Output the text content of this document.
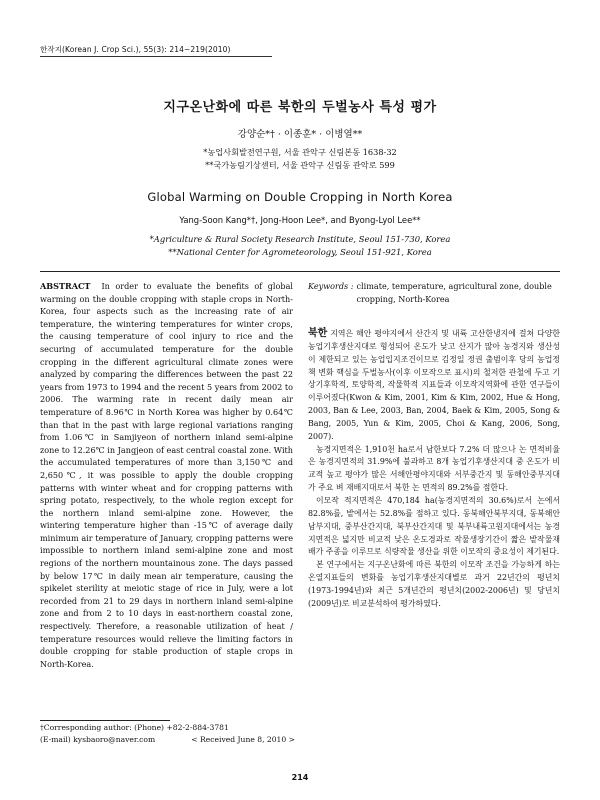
한작지(Korean J. Crop Sci.), 55(3): 214~219(2010)
지구온난화에 따른 북한의 두벌농사 특성 평가
강양순*† · 이종훈* · 이병열**
*농업사회발전연구원, 서울 관악구 신림본동 1638-32
**국가농림기상센터, 서울 관악구 신림동 관악로 599
Global Warming on Double Cropping in North Korea
Yang-Soon Kang*†, Jong-Hoon Lee*, and Byong-Lyol Lee**
*Agriculture & Rural Society Research Institute, Seoul 151-730, Korea
**National Center for Agrometeorology, Seoul 151-921, Korea
ABSTRACT In order to evaluate the benefits of global warming on the double cropping with staple crops in North-Korea, four aspects such as the increasing rate of air temperature, the wintering temperatures for winter crops, the causing temperature of cool injury to rice and the securing of accumulated temperature for the double cropping in the different agricultural climate zones were analyzed by comparing the differences between the past 22 years from 1973 to 1994 and the recent 5 years from 2002 to 2006. The warming rate in recent daily mean air temperature of 8.96℃ in North Korea was higher by 0.64℃ than that in the past with large regional variations ranging from 1.06℃ in Samjiyeon of northern inland semi-alpine zone to 12.26℃ in Jangjeon of east central coastal zone. With the accumulated temperatures of more than 3,150℃ and 2,650℃, it was possible to apply the double cropping patterns with winter wheat and for cropping patterns with spring potato, respectively, to the whole region except for the northern inland semi-alpine zone. However, the wintering temperature higher than -15℃ of average daily minimum air temperature of January, cropping patterns were impossible to northern inland semi-alpine zone and most regions of the northern mountainous zone. The days passed by below 17℃ in daily mean air temperature, causing the spikelet sterility at meiotic stage of rice in July, were a lot recorded from 21 to 29 days in northern inland semi-alpine zone and from 2 to 10 days in east-northern coastal zone, respectively. Therefore, a reasonable utilization of heat / temperature resources would relieve the limiting factors in double cropping for stable production of staple crops in North-Korea.
Keywords : climate, temperature, agricultural zone, double cropping, North-Korea

북한 지역은 해안 평야지에서 산간지 및 내륙 고산한냉지에 걸쳐 다양한 농업기후생산지대로 형성되어 온도가 낮고 산지가 많아 농경지와 생산성이 제한되고 있는 농업입지조건이므로 김정일 정권 출범이후 당의 농업정책 변화 핵심을 두벌농사(이후 이모작으로 표시)의 철저한 관철에 두고 기상기후학적, 토양학적, 작물학적 지표들과 이모작지역화에 관한 연구들이 이루어졌다(Kwon & Kim, 2001, Kim & Kim, 2002, Hue & Hong, 2003, Ban & Lee, 2003, Ban, 2004, Baek & Kim, 2005, Song & Bang, 2005, Yun & Kim, 2005, Choi & Kang, 2006, Song, 2007).

농경지면적은 1,910천 ha로서 남한보다 7.2% 더 많으나 논 면적비율은 농경지면적의 31.9%에 불과하고 8개 농업기후생산지대 중 온도가 비교적 높고 평야가 많은 서해안평야지대와 서부중간지 및 동해안중부지대가 주요 벼 재배지대로서 북한 논 면적의 89.2%를 점한다.

이모작 적지면적은 470,184 ha(농경지면적의 30.6%)로서 논에서 82.8%를, 밭에서는 52.8%를 점하고 있다. 동북해안북부지대, 동북해안남부지대, 중부산간지대, 북부산간지대 및 북부내륙고원지대에서는 농경지면적은 넓지만 비교적 낮은 온도경과로 작물생장기간이 짧은 밭작물재배가 주종을 이루므로 식량작물 생산을 위한 이모작의 중요성이 제기된다.

본 연구에서는 지구온난화에 따른 북한의 이모작 조건을 가능하게 하는 온열지표들의 변화를 농업기후생산지대별로 과거 22년간의 평년치(1973-1994년)와 최근 5개년간의 평년치(2002-2006년) 및 당년치(2009년)로 비교분석하여 평가하였다.

†Corresponding author: (Phone) +82-2-884-3781
(E-mail) kysbaoro@naver.com	< Received June 8, 2010 >
214
